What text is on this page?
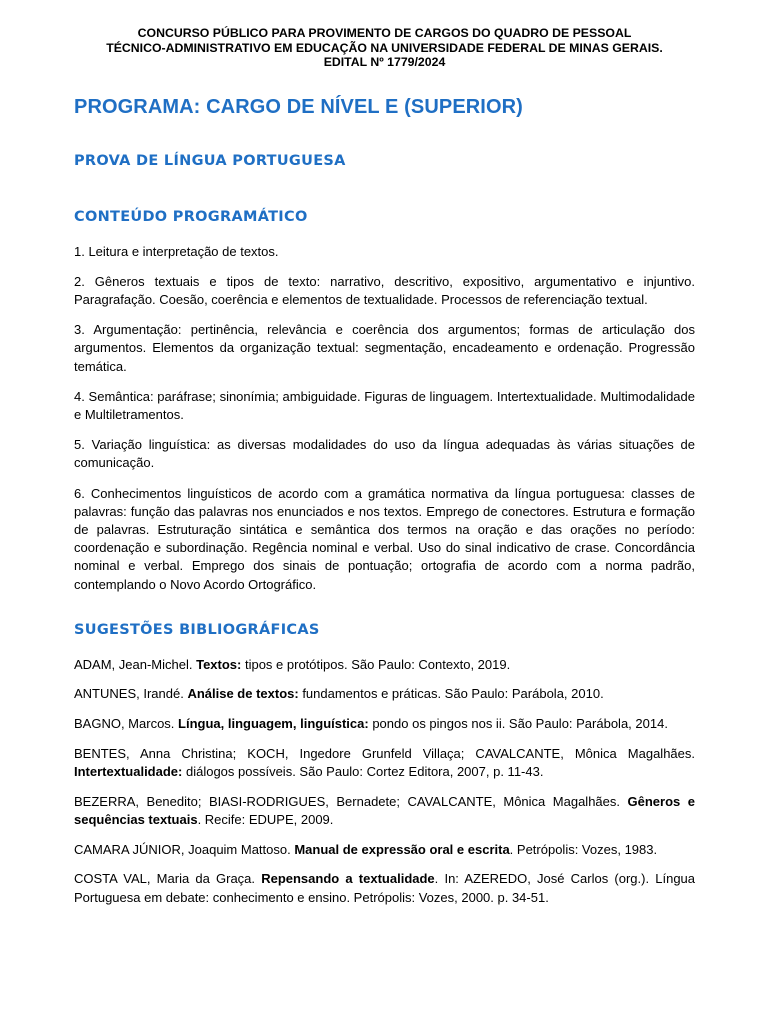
CONCURSO PÚBLICO PARA PROVIMENTO DE CARGOS DO QUADRO DE PESSOAL
TÉCNICO-ADMINISTRATIVO EM EDUCAÇÃO NA UNIVERSIDADE FEDERAL DE MINAS GERAIS.
EDITAL Nº 1779/2024
PROGRAMA: CARGO DE NÍVEL E (SUPERIOR)
PROVA DE LÍNGUA PORTUGUESA
CONTEÚDO PROGRAMÁTICO

1. Leitura e interpretação de textos.

2. Gêneros textuais e tipos de texto: narrativo, descritivo, expositivo, argumentativo e injuntivo. Paragrafação. Coesão, coerência e elementos de textualidade. Processos de referenciação textual.

3. Argumentação: pertinência, relevância e coerência dos argumentos; formas de articulação dos argumentos. Elementos da organização textual: segmentação, encadeamento e ordenação. Progressão temática.

4. Semântica: paráfrase; sinonímia; ambiguidade. Figuras de linguagem. Intertextualidade. Multimodalidade e Multiletramentos.

5. Variação linguística: as diversas modalidades do uso da língua adequadas às várias situações de comunicação.

6. Conhecimentos linguísticos de acordo com a gramática normativa da língua portuguesa: classes de palavras: função das palavras nos enunciados e nos textos. Emprego de conectores. Estrutura e formação de palavras. Estruturação sintática e semântica dos termos na oração e das orações no período: coordenação e subordinação. Regência nominal e verbal. Uso do sinal indicativo de crase. Concordância nominal e verbal. Emprego dos sinais de pontuação; ortografia de acordo com a norma padrão, contemplando o Novo Acordo Ortográfico.

SUGESTÕES BIBLIOGRÁFICAS

ADAM, Jean-Michel. Textos: tipos e protótipos. São Paulo: Contexto, 2019.

ANTUNES, Irandé. Análise de textos: fundamentos e práticas. São Paulo: Parábola, 2010.

BAGNO, Marcos. Língua, linguagem, linguística: pondo os pingos nos ii. São Paulo: Parábola, 2014.

BENTES, Anna Christina; KOCH, Ingedore Grunfeld Villaça; CAVALCANTE, Mônica Magalhães. Intertextualidade: diálogos possíveis. São Paulo: Cortez Editora, 2007, p. 11-43.

BEZERRA, Benedito; BIASI-RODRIGUES, Bernadete; CAVALCANTE, Mônica Magalhães. Gêneros e sequências textuais. Recife: EDUPE, 2009.

CAMARA JÚNIOR, Joaquim Mattoso. Manual de expressão oral e escrita. Petrópolis: Vozes, 1983.

COSTA VAL, Maria da Graça. Repensando a textualidade. In: AZEREDO, José Carlos (org.). Língua Portuguesa em debate: conhecimento e ensino. Petrópolis: Vozes, 2000. p. 34-51.
